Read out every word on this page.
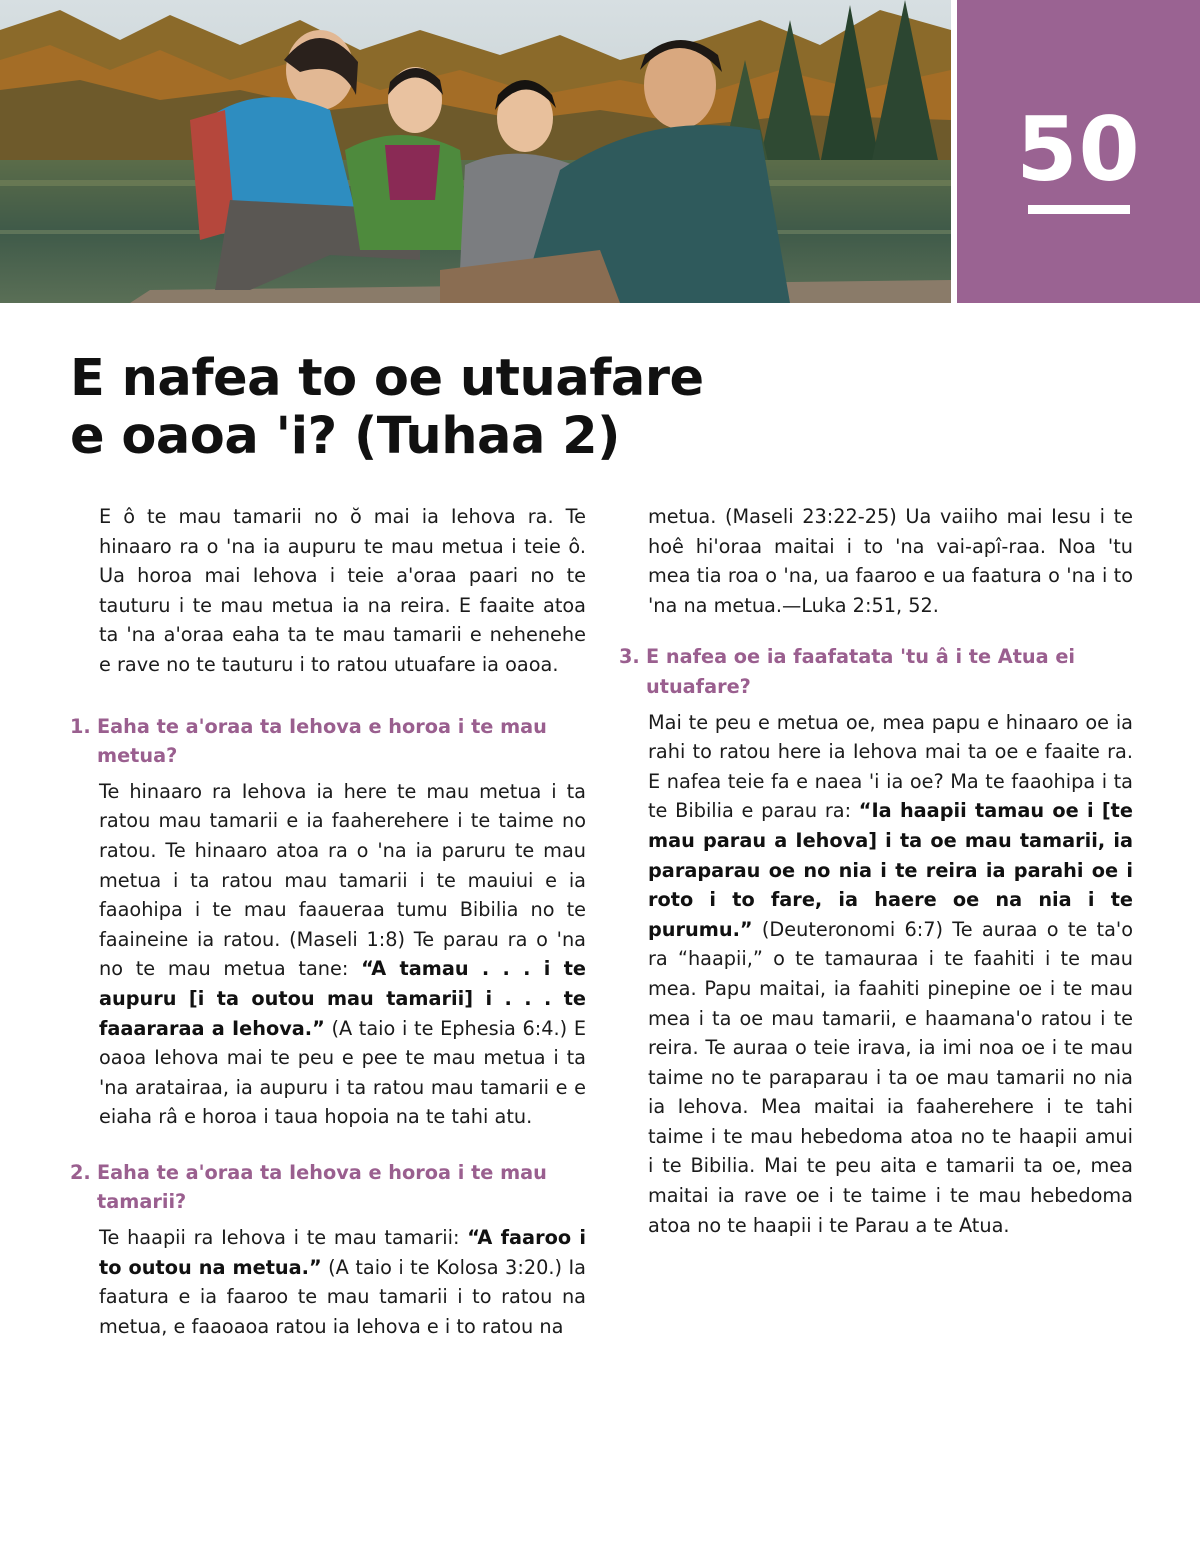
50
E nafea to oe utuafare
e oaoa 'i? (Tuhaa 2)

E ô te mau tamarii no ŏ mai ia Iehova ra. Te hinaaro ra o 'na ia aupuru te mau metua i teie ô. Ua horoa mai Iehova i teie a'oraa paari no te tauturu i te mau metua ia na reira. E faaite atoa ta 'na a'oraa eaha ta te mau tamarii e nehenehe e rave no te tauturu i to ratou utuafare ia oaoa.

1. Eaha te a'oraa ta Iehova e horoa i te mau metua?

Te hinaaro ra Iehova ia here te mau metua i ta ratou mau tamarii e ia faaherehere i te taime no ratou. Te hinaaro atoa ra o 'na ia paruru te mau metua i ta ratou mau tamarii i te mauiui e ia faaohipa i te mau faaueraa tumu Bibilia no te faaineine ia ratou. (Maseli 1:8) Te parau ra o 'na no te mau metua tane: “A tamau . . . i te aupuru [i ta outou mau tamarii] i . . . te faaararaa a Iehova.” (A taio i te Ephesia 6:4.) E oaoa Iehova mai te peu e pee te mau metua i ta 'na aratairaa, ia aupuru i ta ratou mau tamarii e e eiaha râ e horoa i taua hopoia na te tahi atu.

2. Eaha te a'oraa ta Iehova e horoa i te mau tamarii?

Te haapii ra Iehova i te mau tamarii: “A faaroo i to outou na metua.” (A taio i te Kolosa 3:20.) Ia faatura e ia faaroo te mau tamarii i to ratou na metua, e faaoaoa ratou ia Iehova e i to ratou na

metua. (Maseli 23:22-25) Ua vaiiho mai Iesu i te hoê hi'oraa maitai i to 'na vai-apî-raa. Noa 'tu mea tia roa o 'na, ua faaroo e ua faatura o 'na i to 'na na metua.—Luka 2:51, 52.

3. E nafea oe ia faafatata 'tu â i te Atua ei utuafare?

Mai te peu e metua oe, mea papu e hinaaro oe ia rahi to ratou here ia Iehova mai ta oe e faaite ra. E nafea teie fa e naea 'i ia oe? Ma te faaohipa i ta te Bibilia e parau ra: “Ia haapii tamau oe i [te mau parau a Iehova] i ta oe mau tamarii, ia paraparau oe no nia i te reira ia parahi oe i roto i to fare, ia haere oe na nia i te purumu.” (Deuteronomi 6:7) Te auraa o te ta'o ra “haapii,” o te tamauraa i te faahiti i te mau mea. Papu maitai, ia faahiti pinepine oe i te mau mea i ta oe mau tamarii, e haamana'o ratou i te reira. Te auraa o teie irava, ia imi noa oe i te mau taime no te paraparau i ta oe mau tamarii no nia ia Iehova. Mea maitai ia faaherehere i te tahi taime i te mau hebedoma atoa no te haapii amui i te Bibilia. Mai te peu aita e tamarii ta oe, mea maitai ia rave oe i te taime i te mau hebedoma atoa no te haapii i te Parau a te Atua.
